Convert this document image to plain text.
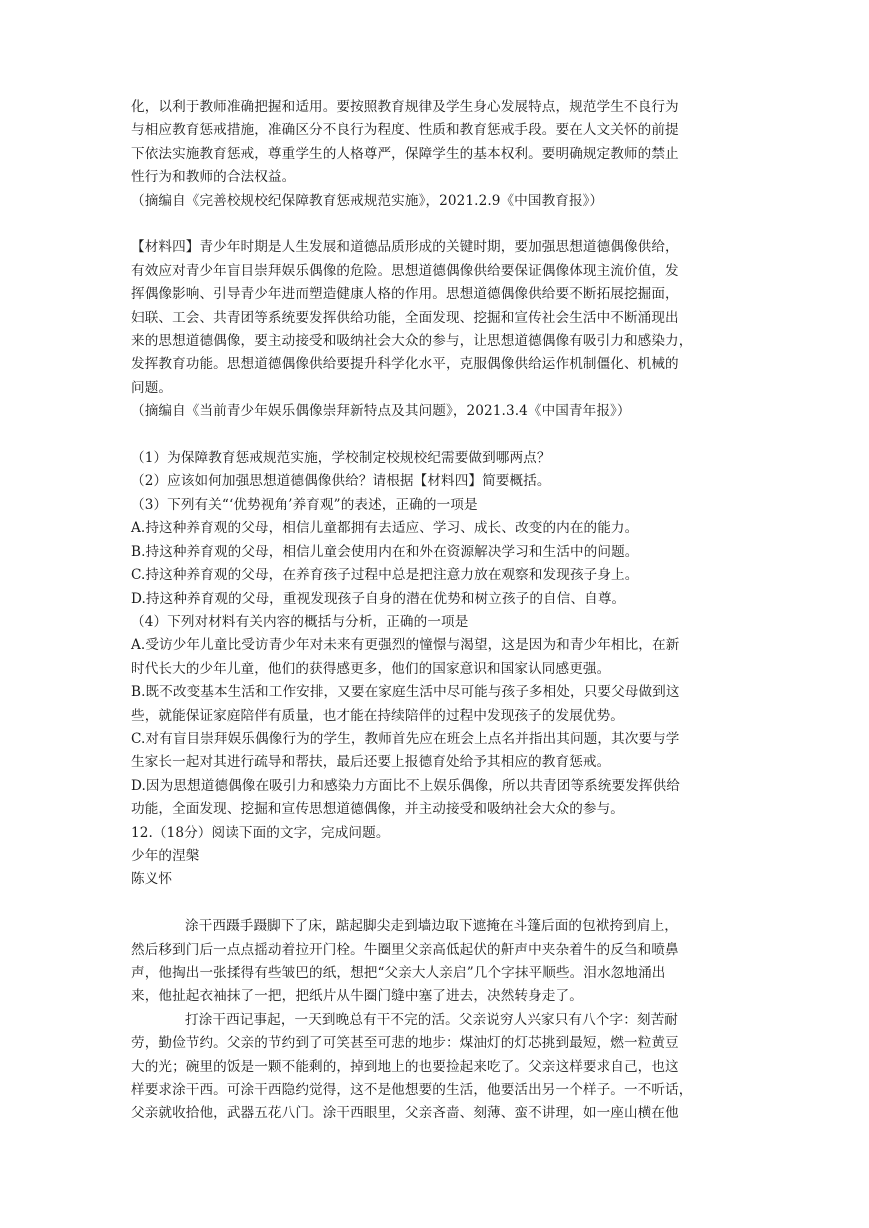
化，以利于教师准确把握和适用。要按照教育规律及学生身心发展特点，规范学生不良行为
与相应教育惩戒措施，准确区分不良行为程度、性质和教育惩戒手段。要在人文关怀的前提
下依法实施教育惩戒，尊重学生的人格尊严，保障学生的基本权利。要明确规定教师的禁止
性行为和教师的合法权益。
（摘编自《完善校规校纪保障教育惩戒规范实施》，2021.2.9《中国教育报》）
【材料四】青少年时期是人生发展和道德品质形成的关键时期，要加强思想道德偶像供给，
有效应对青少年盲目崇拜娱乐偶像的危险。思想道德偶像供给要保证偶像体现主流价值，发
挥偶像影响、引导青少年进而塑造健康人格的作用。思想道德偶像供给要不断拓展挖掘面，
妇联、工会、共青团等系统要发挥供给功能，全面发现、挖掘和宣传社会生活中不断涌现出
来的思想道德偶像，要主动接受和吸纳社会大众的参与，让思想道德偶像有吸引力和感染力，
发挥教育功能。思想道德偶像供给要提升科学化水平，克服偶像供给运作机制僵化、机械的
问题。
（摘编自《当前青少年娱乐偶像崇拜新特点及其问题》，2021.3.4《中国青年报》）
（1）为保障教育惩戒规范实施，学校制定校规校纪需要做到哪两点？
（2）应该如何加强思想道德偶像供给？请根据【材料四】简要概括。
（3）下列有关“‘优势视角’养育观”的表述，正确的一项是
A.持这种养育观的父母，相信儿童都拥有去适应、学习、成长、改变的内在的能力。
B.持这种养育观的父母，相信儿童会使用内在和外在资源解决学习和生活中的问题。
C.持这种养育观的父母，在养育孩子过程中总是把注意力放在观察和发现孩子身上。
D.持这种养育观的父母，重视发现孩子自身的潜在优势和树立孩子的自信、自尊。
（4）下列对材料有关内容的概括与分析，正确的一项是
A.受访少年儿童比受访青少年对未来有更强烈的憧憬与渴望，这是因为和青少年相比，在新
时代长大的少年儿童，他们的获得感更多，他们的国家意识和国家认同感更强。
B.既不改变基本生活和工作安排，又要在家庭生活中尽可能与孩子多相处，只要父母做到这
些，就能保证家庭陪伴有质量，也才能在持续陪伴的过程中发现孩子的发展优势。
C.对有盲目崇拜娱乐偶像行为的学生，教师首先应在班会上点名并指出其问题，其次要与学
生家长一起对其进行疏导和帮扶，最后还要上报德育处给予其相应的教育惩戒。
D.因为思想道德偶像在吸引力和感染力方面比不上娱乐偶像，所以共青团等系统要发挥供给
功能，全面发现、挖掘和宣传思想道德偶像，并主动接受和吸纳社会大众的参与。
12.（18分）阅读下面的文字，完成问题。
少年的涅槃
陈义怀
涂干西蹑手蹑脚下了床，踮起脚尖走到墙边取下遮掩在斗篷后面的包袱挎到肩上，
然后移到门后一点点摇动着拉开门栓。牛圈里父亲高低起伏的鼾声中夹杂着牛的反刍和喷鼻
声，他掏出一张揉得有些皱巴的纸，想把“父亲大人亲启”几个字抹平顺些。泪水忽地涌出
来，他扯起衣袖抹了一把，把纸片从牛圈门缝中塞了进去，决然转身走了。
打涂干西记事起，一天到晚总有干不完的活。父亲说穷人兴家只有八个字：刻苦耐
劳，勤俭节约。父亲的节约到了可笑甚至可悲的地步：煤油灯的灯芯挑到最短，燃一粒黄豆
大的光；碗里的饭是一颗不能剩的，掉到地上的也要捡起来吃了。父亲这样要求自己，也这
样要求涂干西。可涂干西隐约觉得，这不是他想要的生活，他要活出另一个样子。一不听话，
父亲就收拾他，武器五花八门。涂干西眼里，父亲吝啬、刻薄、蛮不讲理，如一座山横在他
